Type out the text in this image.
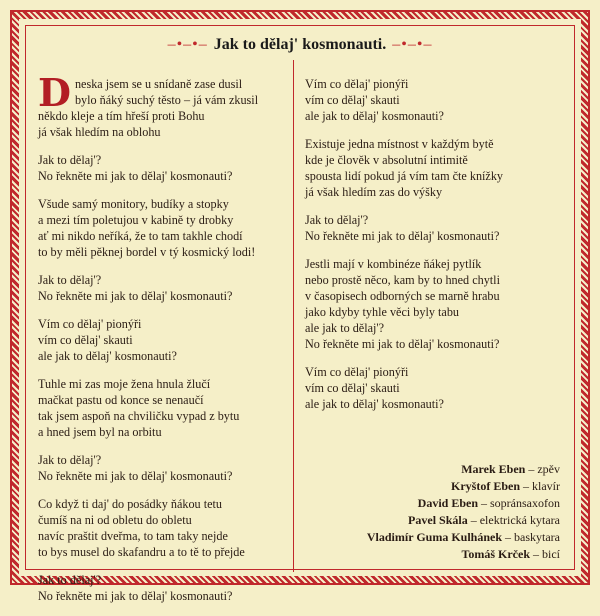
–•–•– Jak to dělaj' kosmonauti. –•–•–
D neska jsem se u snídaně zase dusil
bylo ňáký suchý těsto – já vám zkusil
někdo kleje a tím hřeší proti Bohu
já však hledím na oblohu
Jak to dělaj'?
No řekněte mi jak to dělaj' kosmonauti?
Všude samý monitory, budíky a stopky
a mezi tím poletujou v kabině ty drobky
ať mi nikdo neříká, že to tam takhle chodí
to by měli pěknej bordel v tý kosmický lodi!
Jak to dělaj'?
No řekněte mi jak to dělaj' kosmonauti?
Vím co dělaj' pionýři
vím co dělaj' skauti
ale jak to dělaj' kosmonauti?
Tuhle mi zas moje žena hnula žlučí
mačkat pastu od konce se nenaučí
tak jsem aspoň na chviličku vypad z bytu
a hned jsem byl na orbitu
Jak to dělaj'?
No řekněte mi jak to dělaj' kosmonauti?
Co když ti daj' do posádky ňákou tetu
čumíš na ni od obletu do obletu
navíc praštit dveřma, to tam taky nejde
to bys musel do skafandru a to tě to přejde
Jak to dělaj'?
No řekněte mi jak to dělaj' kosmonauti?
Vím co dělaj' pionýři
vím co dělaj' skauti
ale jak to dělaj' kosmonauti?
Existuje jedna místnost v každým bytě
kde je člověk v absolutní intimitě
spousta lidí pokud já vím tam čte knížky
já však hledím zas do výšky
Jak to dělaj'?
No řekněte mi jak to dělaj' kosmonauti?
Jestli mají v kombinéze ňákej pytlík
nebo prostě něco, kam by to hned chytli
v časopisech odborných se marně hrabu
jako kdyby tyhle věci byly tabu
ale jak to dělaj'?
No řekněte mi jak to dělaj' kosmonauti?
Vím co dělaj' pionýři
vím co dělaj' skauti
ale jak to dělaj' kosmonauti?
Marek Eben – zpěv
Kryštof Eben – klavír
David Eben – sopránsaxofon
Pavel Skála – elektrická kytara
Vladimír Guma Kulhánek – baskytara
Tomáš Krček – bicí
